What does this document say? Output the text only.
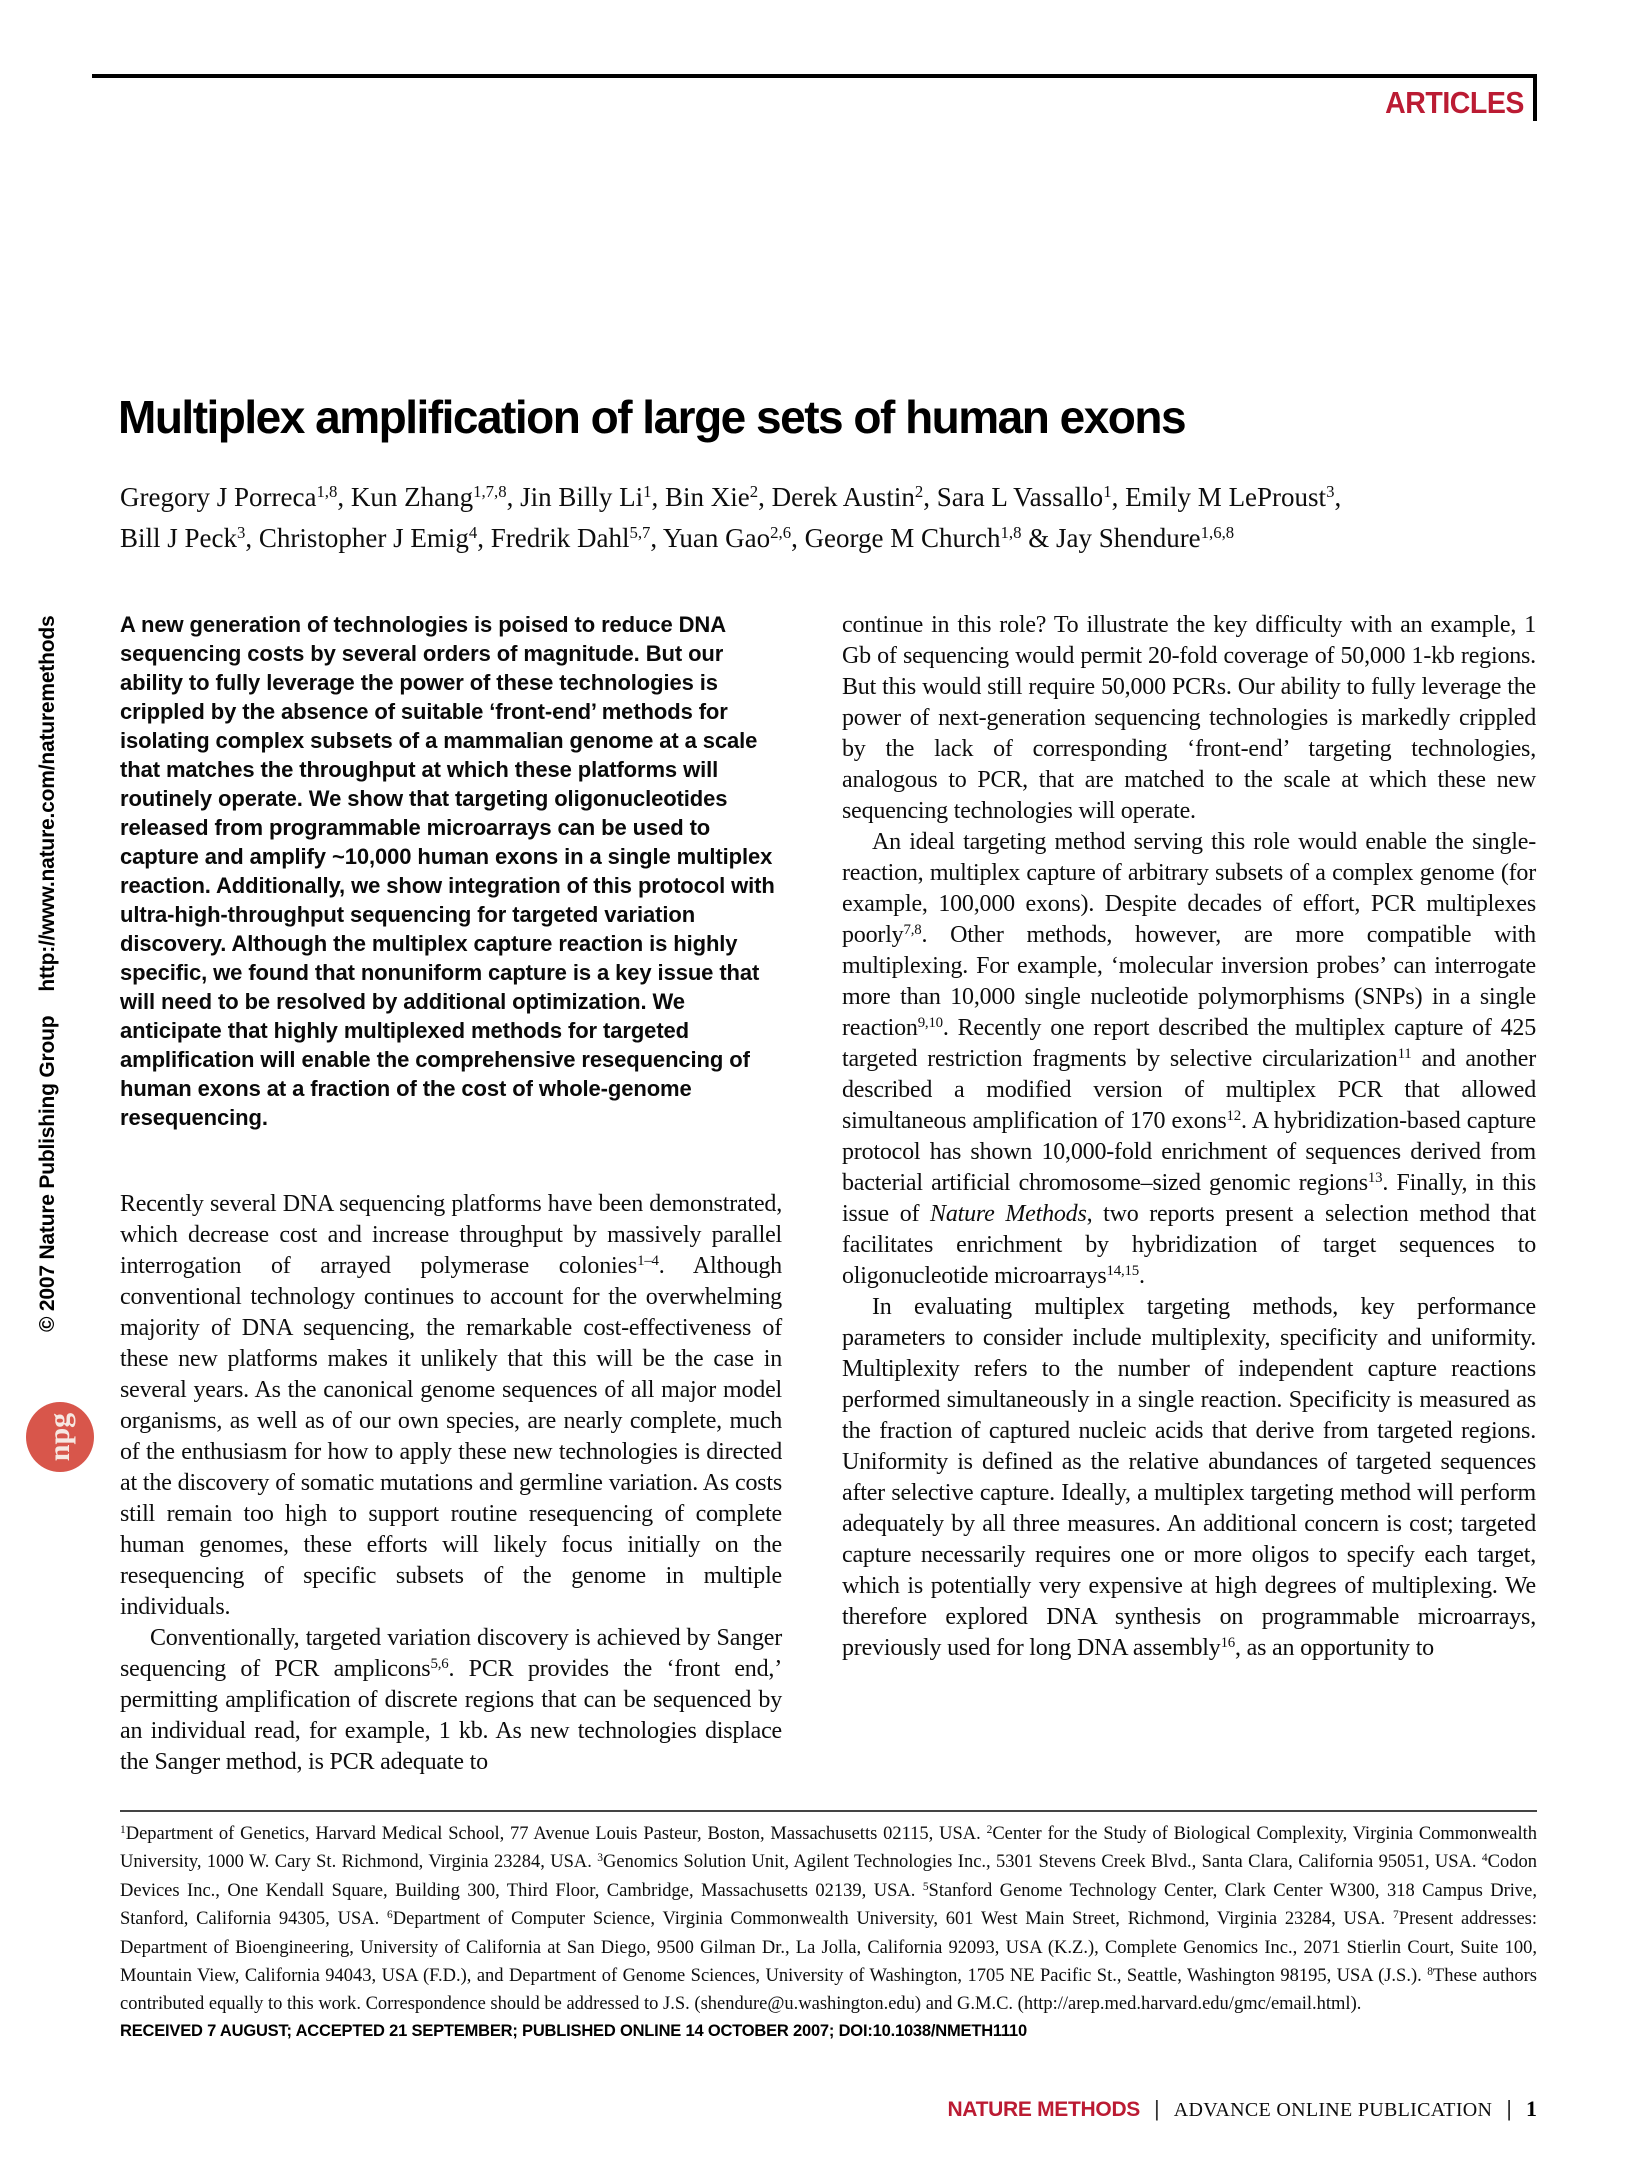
ARTICLES
© 2007 Nature Publishing Grouphttp://www.nature.com/naturemethods
npg
Multiplex amplification of large sets of human exons
Gregory J Porreca$^{1,8}$, Kun Zhang$^{1,7,8}$, Jin Billy Li$^1$, Bin Xie$^2$, Derek Austin$^2$, Sara L Vassallo$^1$, Emily M LeProust$^3$,
Bill J Peck$^3$, Christopher J Emig$^4$, Fredrik Dahl$^{5,7}$, Yuan Gao$^{2,6}$, George M Church$^{1,8}$ & Jay Shendure$^{1,6,8}$
A new generation of technologies is poised to reduce DNA sequencing costs by several orders of magnitude. But our ability to fully leverage the power of these technologies is crippled by the absence of suitable ‘front-end’ methods for isolating complex subsets of a mammalian genome at a scale that matches the throughput at which these platforms will routinely operate. We show that targeting oligonucleotides released from programmable microarrays can be used to capture and amplify ~10,000 human exons in a single multiplex reaction. Additionally, we show integration of this protocol with ultra-high-throughput sequencing for targeted variation discovery. Although the multiplex capture reaction is highly specific, we found that nonuniform capture is a key issue that will need to be resolved by additional optimization. We anticipate that highly multiplexed methods for targeted amplification will enable the comprehensive resequencing of human exons at a fraction of the cost of whole-genome resequencing.

Recently several DNA sequencing platforms have been demonstrated, which decrease cost and increase throughput by massively parallel interrogation of arrayed polymerase colonies$^{1-4}$. Although conventional technology continues to account for the overwhelming majority of DNA sequencing, the remarkable cost-effectiveness of these new platforms makes it unlikely that this will be the case in several years. As the canonical genome sequences of all major model organisms, as well as of our own species, are nearly complete, much of the enthusiasm for how to apply these new technologies is directed at the discovery of somatic mutations and germline variation. As costs still remain too high to support routine resequencing of complete human genomes, these efforts will likely focus initially on the resequencing of specific subsets of the genome in multiple individuals.

Conventionally, targeted variation discovery is achieved by Sanger sequencing of PCR amplicons$^{5,6}$. PCR provides the ‘front end,’ permitting amplification of discrete regions that can be sequenced by an individual read, for example, 1 kb. As new technologies displace the Sanger method, is PCR adequate to

continue in this role? To illustrate the key difficulty with an example, 1 Gb of sequencing would permit 20-fold coverage of 50,000 1-kb regions. But this would still require 50,000 PCRs. Our ability to fully leverage the power of next-generation sequencing technologies is markedly crippled by the lack of corresponding ‘front-end’ targeting technologies, analogous to PCR, that are matched to the scale at which these new sequencing technologies will operate.

An ideal targeting method serving this role would enable the single-reaction, multiplex capture of arbitrary subsets of a complex genome (for example, 100,000 exons). Despite decades of effort, PCR multiplexes poorly$^{7,8}$. Other methods, however, are more compatible with multiplexing. For example, ‘molecular inversion probes’ can interrogate more than 10,000 single nucleotide polymorphisms (SNPs) in a single reaction$^{9,10}$. Recently one report described the multiplex capture of 425 targeted restriction fragments by selective circularization$^{11}$ and another described a modified version of multiplex PCR that allowed simultaneous amplification of 170 exons$^{12}$. A hybridization-based capture protocol has shown 10,000-fold enrichment of sequences derived from bacterial artificial chromosome–sized genomic regions$^{13}$. Finally, in this issue of Nature Methods, two reports present a selection method that facilitates enrichment by hybridization of target sequences to oligonucleotide microarrays$^{14,15}$.

In evaluating multiplex targeting methods, key performance parameters to consider include multiplexity, specificity and uniformity. Multiplexity refers to the number of independent capture reactions performed simultaneously in a single reaction. Specificity is measured as the fraction of captured nucleic acids that derive from targeted regions. Uniformity is defined as the relative abundances of targeted sequences after selective capture. Ideally, a multiplex targeting method will perform adequately by all three measures. An additional concern is cost; targeted capture necessarily requires one or more oligos to specify each target, which is potentially very expensive at high degrees of multiplexing. We therefore explored DNA synthesis on programmable microarrays, previously used for long DNA assembly$^{16}$, as an opportunity to

$^1$Department of Genetics, Harvard Medical School, 77 Avenue Louis Pasteur, Boston, Massachusetts 02115, USA. $^2$Center for the Study of Biological Complexity, Virginia Commonwealth University, 1000 W. Cary St. Richmond, Virginia 23284, USA. $^3$Genomics Solution Unit, Agilent Technologies Inc., 5301 Stevens Creek Blvd., Santa Clara, California 95051, USA. $^4$Codon Devices Inc., One Kendall Square, Building 300, Third Floor, Cambridge, Massachusetts 02139, USA. $^5$Stanford Genome Technology Center, Clark Center W300, 318 Campus Drive, Stanford, California 94305, USA. $^6$Department of Computer Science, Virginia Commonwealth University, 601 West Main Street, Richmond, Virginia 23284, USA. $^7$Present addresses: Department of Bioengineering, University of California at San Diego, 9500 Gilman Dr., La Jolla, California 92093, USA (K.Z.), Complete Genomics Inc., 2071 Stierlin Court, Suite 100, Mountain View, California 94043, USA (F.D.), and Department of Genome Sciences, University of Washington, 1705 NE Pacific St., Seattle, Washington 98195, USA (J.S.). $^8$These authors contributed equally to this work. Correspondence should be addressed to J.S. (shendure@u.washington.edu) and G.M.C. (http://arep.med.harvard.edu/gmc/email.html).
RECEIVED 7 AUGUST; ACCEPTED 21 SEPTEMBER; PUBLISHED ONLINE 14 OCTOBER 2007; DOI:10.1038/NMETH1110
NATURE METHODS | ADVANCE ONLINE PUBLICATION | 1
